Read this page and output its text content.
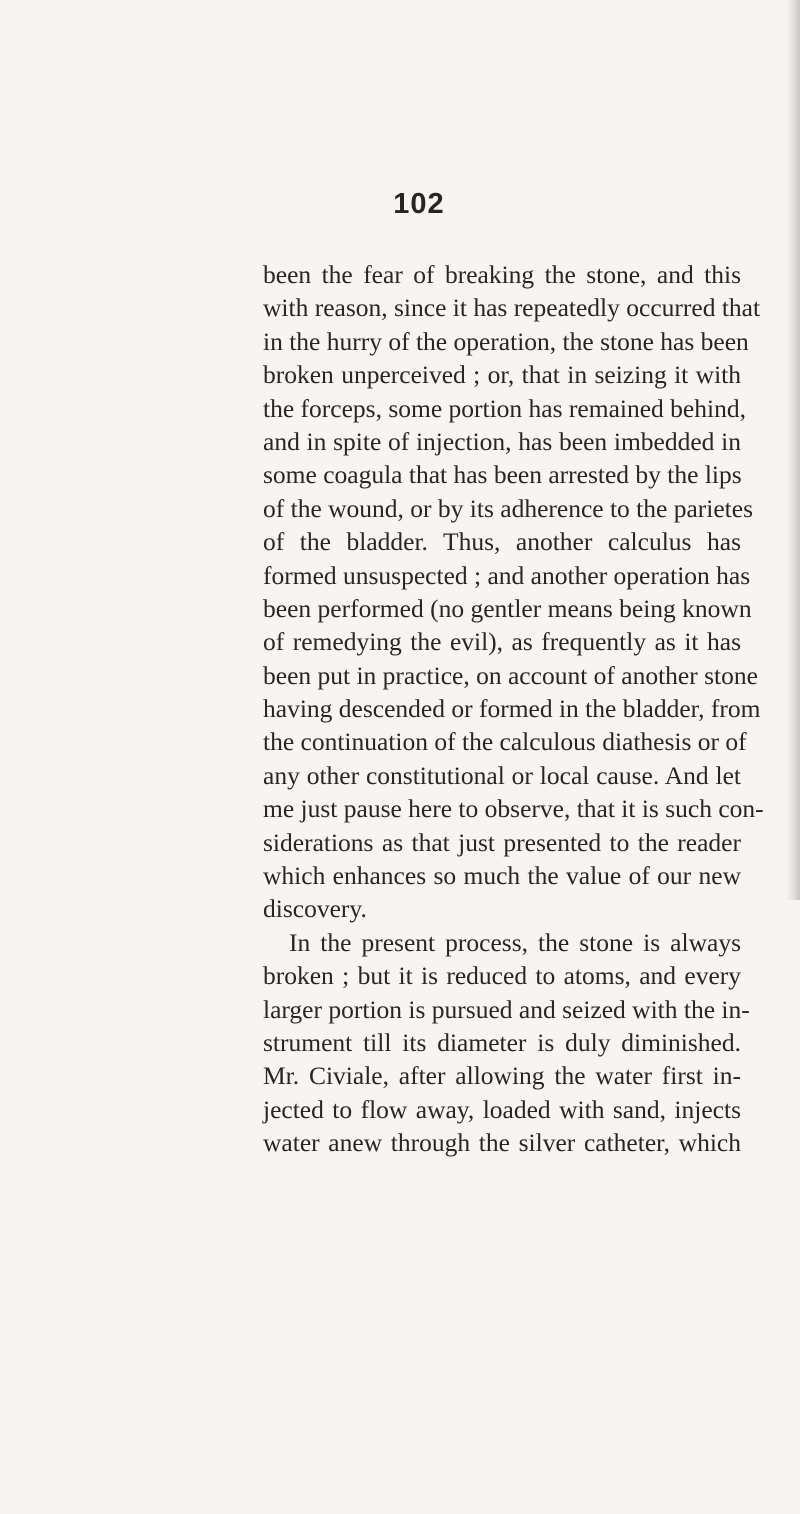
102
been the fear of breaking the stone, and this
with reason, since it has repeatedly occurred that
in the hurry of the operation, the stone has been
broken unperceived ; or, that in seizing it with
the forceps, some portion has remained behind,
and in spite of injection, has been imbedded in
some coagula that has been arrested by the lips
of the wound, or by its adherence to the parietes
of the bladder. Thus, another calculus has
formed unsuspected ; and another operation has
been performed (no gentler means being known
of remedying the evil), as frequently as it has
been put in practice, on account of another stone
having descended or formed in the bladder, from
the continuation of the calculous diathesis or of
any other constitutional or local cause. And let
me just pause here to observe, that it is such con-
siderations as that just presented to the reader
which enhances so much the value of our new
discovery.
In the present process, the stone is always
broken ; but it is reduced to atoms, and every
larger portion is pursued and seized with the in-
strument till its diameter is duly diminished.
Mr. Civiale, after allowing the water first in-
jected to flow away, loaded with sand, injects
water anew through the silver catheter, which
